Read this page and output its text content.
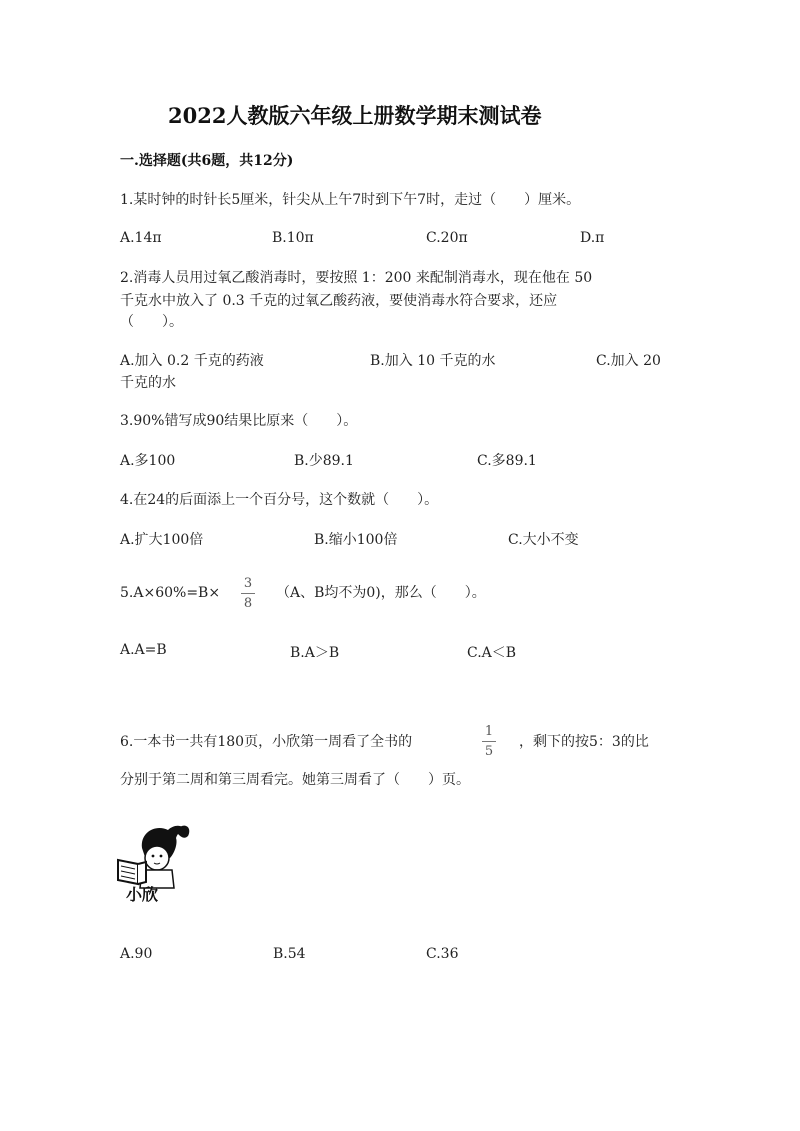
2022人教版六年级上册数学期末测试卷
一.选择题(共6题，共12分)
1.某时钟的时针长5厘米，针尖从上午7时到下午7时，走过（　　）厘米。
A.14π	B.10π	C.20π	D.π
2.消毒人员用过氧乙酸消毒时，要按照 1：200 来配制消毒水，现在他在 50
千克水中放入了 0.3 千克的过氧乙酸药液，要使消毒水符合要求，还应
（　　）。
A.加入 0.2 千克的药液	B.加入 10 千克的水	C.加入 20
千克的水
3.90%错写成90结果比原来（　　）。
A.多100	B.少89.1	C.多89.1
4.在24的后面添上一个百分号，这个数就（　　）。
A.扩大100倍	B.缩小100倍	C.大小不变
5.A×60%=B×
3
8
（A、B均不为0)，那么（　　）。
A.A=B	B.A＞B	C.A＜B
6.一本书一共有180页，小欣第一周看了全书的
1
5
，剩下的按5：3的比
分别于第二周和第三周看完。她第三周看了（　　）页。
小欣
A.90	B.54	C.36
